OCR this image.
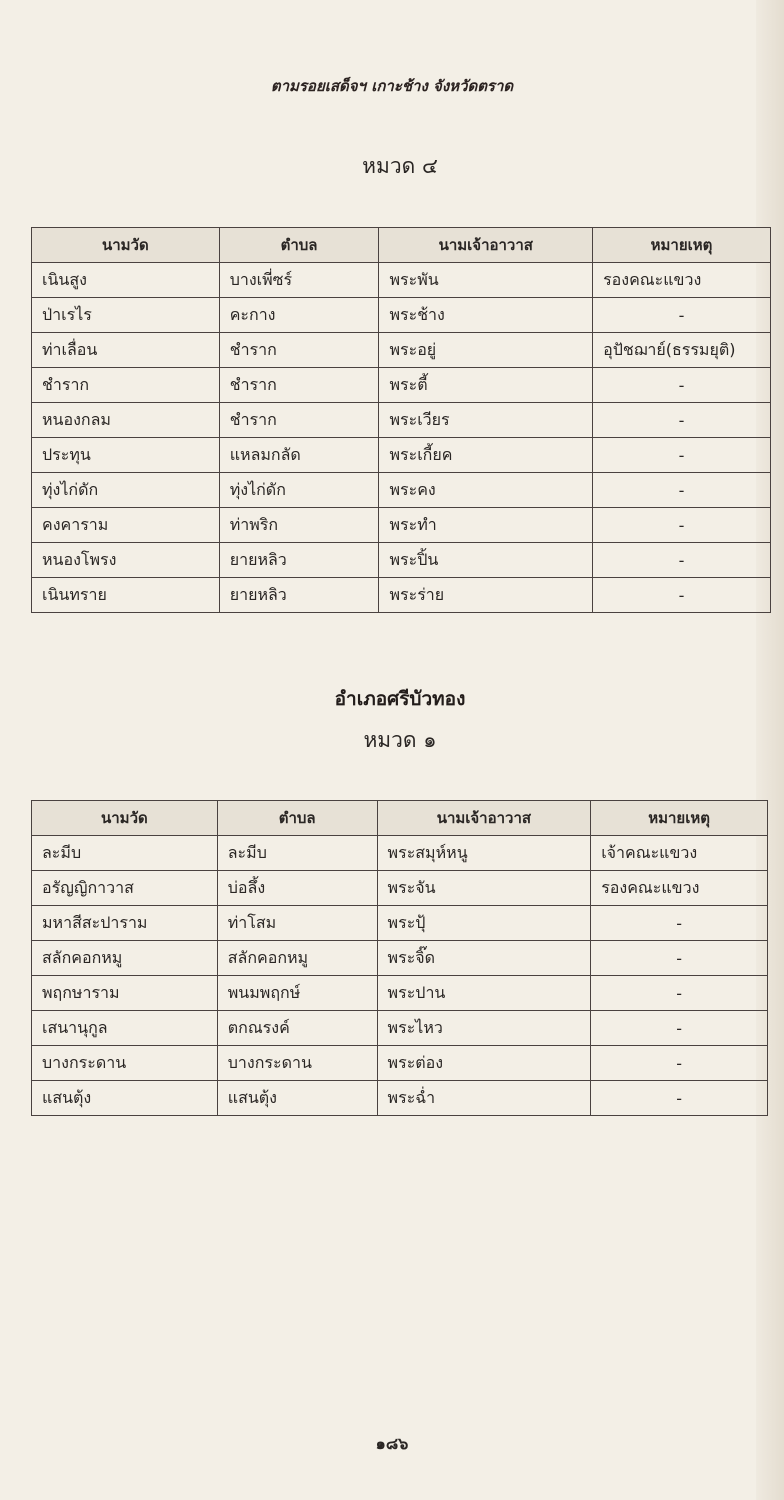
ตามรอยเสด็จฯ เกาะช้าง จังหวัดตราด
หมวด ๔
นามวัด	ตำบล	นามเจ้าอาวาส	หมายเหตุ
เนินสูง	บางเพี่ซร์	พระพัน	รองคณะแขวง
ป่าเรไร	คะกาง	พระช้าง	-
ท่าเลื่อน	ชำราก	พระอยู่	อุปัชฌาย์(ธรรมยุติ)
ชำราก	ชำราก	พระตี้	-
หนองกลม	ชำราก	พระเวียร	-
ประทุน	แหลมกลัด	พระเกี้ยค	-
ทุ่งไก่ดัก	ทุ่งไก่ดัก	พระคง	-
คงคาราม	ท่าพริก	พระทำ	-
หนองโพรง	ยายหลิว	พระปิ้น	-
เนินทราย	ยายหลิว	พระร่าย	-
อำเภอศรีบัวทอง
หมวด ๑
นามวัด	ตำบล	นามเจ้าอาวาส	หมายเหตุ
ละมีบ	ละมีบ	พระสมุห์หนู	เจ้าคณะแขวง
อรัญญิกาวาส	บ่อลึ้ง	พระจัน	รองคณะแขวง
มหาสีสะปาราม	ท่าโสม	พระปุ้	-
สลักคอกหมู	สลักคอกหมู	พระจิ๊ด	-
พฤกษาราม	พนมพฤกษ์	พระปาน	-
เสนานุกูล	ตกณรงค์	พระไหว	-
บางกระดาน	บางกระดาน	พระต่อง	-
แสนตุ้ง	แสนตุ้ง	พระฉ่ำ	-
๑๘๖
